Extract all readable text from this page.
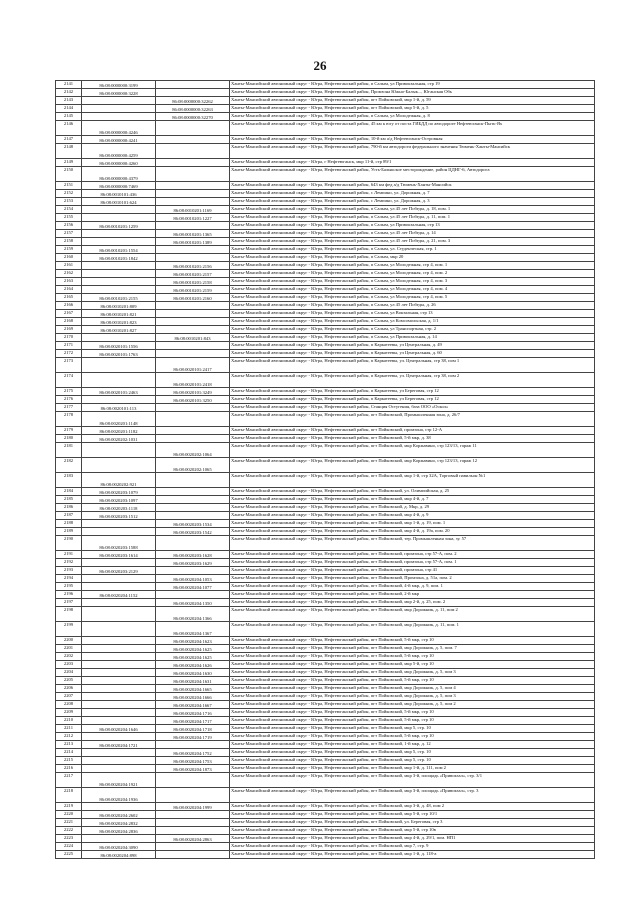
26
2141	86:08:0000000:3199		Ханты-Мансийский автономный округ - Югра, Нефтеюганский район, п Салым, ул Привокзальная, стр 19
2142	86:08:0000000:3228		Ханты-Мансийский автономный округ - Югра, Нефтеюганский район, Промзона Южно-Балык..., Юганская Обь
2143		86:08:0000000:32262	Ханты-Мансийский автономный округ - Югра, Нефтеюганский район, пгт Пойковский, мкр 1-й, д. 59
2144		86:08:0000000:32263	Ханты-Мансийский автономный округ - Югра, Нефтеюганский район, пгт Пойковский, мкр 5-й, д. 5
2145		86:08:0000000:32270	Ханты-Мансийский автономный округ - Югра, Нефтеюганский район, п Салым, ул Молодежная, д. 8
2146	86:08:0000000:4246		Ханты-Мансийский автономный округ - Югра, Нефтеюганский район, 45 км к югу от поста ГИБДД по автодороге Нефтеюганск-Пыть-Ях
2147	86:08:0000000:4241		Ханты-Мансийский автономный округ - Югра, Нефтеюганский район, 10-й км а/д Нефтеюганск-Островная
2148	86:08:0000000:4259		Ханты-Мансийский автономный округ - Югра, Нефтеюганский район, 790-й км автодороги федерального значения Тюмень-Ханты-Мансийск
2149	86:08:0000000:4260		Ханты-Мансийский автономный округ - Югра, г Нефтеюганск, мкр 11-й, стр 89/1
2150	86:08:0000000:4379		Ханты-Мансийский автономный округ - Югра, Нефтеюганский район, Усть-Балыкское месторождение, район ЦДНГ-6, Автодорога
2151	86:08:0000000:7469		Ханты-Мансийский автономный округ - Югра, Нефтеюганский район, 643 км фед а/д Тюмень-Ханты-Мансийск
2152	86:08:0010101:436		Ханты-Мансийский автономный округ - Югра, Нефтеюганский район, с Лемпино, ул. Дорожная, д. 7
2153	86:08:0010101:624		Ханты-Мансийский автономный округ - Югра, Нефтеюганский район, с Лемпино, ул. Дорожная, д. 3
2154		86:08:0010201:1169	Ханты-Мансийский автономный округ - Югра, Нефтеюганский район, п Салым, ул 45 лет Победы, д. 18, пом. 1
2155		86:08:0010201:1227	Ханты-Мансийский автономный округ - Югра, Нефтеюганский район, п Салым, ул 45 лет Победы, д. 11, пом. 1
2156	86:08:0010201:1259		Ханты-Мансийский автономный округ - Югра, Нефтеюганский район, п Салым, ул Привокзальная, стр 13
2157		86:08:0010201:1365	Ханты-Мансийский автономный округ - Югра, Нефтеюганский район, п Салым, ул 45 лет Победы, д. 14
2158		86:08:0010201:1389	Ханты-Мансийский автономный округ - Югра, Нефтеюганский район, п Салым, ул 45 лет Победы, д. 21, пом. 3
2159	86:08:0010201:1554		Ханты-Мансийский автономный округ - Югра, Нефтеюганский район, п Салым, ул. Студенческая, стр. 1
2160	86:08:0010201:1842		Ханты-Мансийский автономный округ - Югра, Нефтеюганский район, п Салым, мкр 20
2161		86:08:0010201:2156	Ханты-Мансийский автономный округ - Югра, Нефтеюганский район, п Салым, ул Молодежная, стр 4, пом. 1
2162		86:08:0010201:2157	Ханты-Мансийский автономный округ - Югра, Нефтеюганский район, п Салым, ул Молодежная, стр 4, пом. 2
2163		86:08:0010201:2158	Ханты-Мансийский автономный округ - Югра, Нефтеюганский район, п Салым, ул Молодежная, стр 4, пом. 3
2164		86:08:0010201:2159	Ханты-Мансийский автономный округ - Югра, Нефтеюганский район, п Салым, ул Молодежная, стр 4, пом. 4
2165	86:08:0010201:2155	86:08:0010201:2160	Ханты-Мансийский автономный округ - Югра, Нефтеюганский район, п Салым, ул Молодежная, стр 4, пом. 5
2166	86:08:0010201:809		Ханты-Мансийский автономный округ - Югра, Нефтеюганский район, п Салым, ул 45 лет Победы, д. 26
2167	86:08:0010201:821		Ханты-Мансийский автономный округ - Югра, Нефтеюганский район, п Салым, ул Вокзальная, стр 13
2168	86:08:0010201:823		Ханты-Мансийский автономный округ - Югра, Нефтеюганский район, п Салым, ул Комсомольская, д. 1/1
2169	86:08:0010201:827		Ханты-Мансийский автономный округ - Югра, Нефтеюганский район, п Салым, ул Транспортная, стр. 2
2170		86:08:0010201:843	Ханты-Мансийский автономный округ - Югра, Нефтеюганский район, п Салым, ул Привокзальная, д. 14
2171	86:08:0020101:1556		Ханты-Мансийский автономный округ - Югра, Нефтеюганский район, п Каркатеевы, ул Центральная, д. 49
2172	86:08:0020101:1763		Ханты-Мансийский автономный округ - Югра, Нефтеюганский район, п Каркатеевы, ул Центральная, д. 60
2173		86:08:0020101:2417	Ханты-Мансийский автономный округ - Югра, Нефтеюганский район, п Каркатеевы, ул. Центральная, стр 38, пом 1
2174		86:08:0020101:2418	Ханты-Мансийский автономный округ - Югра, Нефтеюганский район, п Каркатеевы, ул. Центральная, стр 38, пом 2
2175	86:08:0020101:2463	86:08:0020101:3249	Ханты-Мансийский автономный округ - Югра, Нефтеюганский район, п Каркатеевы, ул Береговая, стр 12
2176		86:08:0020101:3250	Ханты-Мансийский автономный округ - Югра, Нефтеюганский район, п Каркатеевы, ул Береговая, стр 12
2177	86:08:0020101:113		Ханты-Мансийский автономный округ - Югра, Нефтеюганский район, Станция Остугения, база ООО «Оскол»
2178	86:08:0020201:1148		Ханты-Мансийский автономный округ - Югра, Нефтеюганский район, пгт Пойковский, Промышленная зона, д. 26/7
2179	86:08:0020201:1182		Ханты-Мансийский автономный округ - Югра, Нефтеюганский район, пгт Пойковский, промзона, стр 12-А
2180	86:08:0020202:1031		Ханты-Мансийский автономный округ - Югра, Нефтеюганский район, пгт Пойковский, 5-й мкр, д. 38
2181		86:08:0020202:1064	Ханты-Мансийский автономный округ - Югра, Нефтеюганский район, пгт Пойковский, мкр Коржавино, стр 123/13, гараж 11
2182		86:08:0020202:1065	Ханты-Мансийский автономный округ - Югра, Нефтеюганский район, пгт Пойковский, мкр Коржавино, стр 123/13, гараж 12
2183	86:08:0020202:921		Ханты-Мансийский автономный округ - Югра, Нефтеюганский район, пгт Пойковский, мкр 1-й, стр 32А, Торговый павильон №1
2184	86:08:0020203:1079		Ханты-Мансийский автономный округ - Югра, Нефтеюганский район, пгт Пойковский, ул. Олимпийская, д. 25
2185	86:08:0020203:1097		Ханты-Мансийский автономный округ - Югра, Нефтеюганский район, пгт Пойковский, мкр 4-й, д. 7
2186	86:08:0020203:1118		Ханты-Мансийский автономный округ - Югра, Нефтеюганский район, пгт Пойковский, д. Мкр, д. 29
2187	86:08:0020203:1512		Ханты-Мансийский автономный округ - Югра, Нефтеюганский район, пгт Пойковский, мкр 4-й, д. 9
2188		86:08:0020203:1534	Ханты-Мансийский автономный округ - Югра, Нефтеюганский район, пгт Пойковский, мкр 1-й, д. 19, пом. 1
2189		86:08:0020203:1542	Ханты-Мансийский автономный округ - Югра, Нефтеюганский район, пгт Пойковский, мкр 4-й, д. 19а, пом. 20
2190	86:08:0020203:1588		Ханты-Мансийский автономный округ - Югра, Нефтеюганский район, пгт Пойковский, тер. Промышленная зона, зу. 57
2191	86:08:0020203:1614	86:08:0020203:1628	Ханты-Мансийский автономный округ - Югра, Нефтеюганский район, пгт Пойковский, промзона, стр 57-А, пом. 2
2192		86:08:0020203:1629	Ханты-Мансийский автономный округ - Югра, Нефтеюганский район, пгт Пойковский, промзона, стр 57-А, пом. 1
2193	86:08:0020203:2129		Ханты-Мансийский автономный округ - Югра, Нефтеюганский район, пгт Пойковский, промзона, стр 41
2194		86:08:0020204:1053	Ханты-Мансийский автономный округ - Югра, Нефтеюганский район, пгт Пойковский, Промзона, д. 51а, пом. 2
2195		86:08:0020204:1077	Ханты-Мансийский автономный округ - Югра, Нефтеюганский район, пгт Пойковский, 4-й мкр, д. 9, пом. 1
2196	86:08:0020204:1152		Ханты-Мансийский автономный округ - Югра, Нефтеюганский район, пгт Пойковский, 2-й мкр
2197		86:08:0020204:1350	Ханты-Мансийский автономный округ - Югра, Нефтеюганский район, пгт Пойковский, мкр 2-й, д. 25, пом. 2
2198		86:08:0020204:1366	Ханты-Мансийский автономный округ - Югра, Нефтеюганский район, пгт Пойковский, мкр Дорожник, д. 11, пом 2
2199		86:08:0020204:1367	Ханты-Мансийский автономный округ - Югра, Нефтеюганский район, пгт Пойковский, мкр Дорожник, д. 11, пом. 1
2200		86:08:0020204:1623	Ханты-Мансийский автономный округ - Югра, Нефтеюганский район, пгт Пойковский, 5-й мкр, стр 10
2201		86:08:0020204:1625	Ханты-Мансийский автономный округ - Югра, Нефтеюганский район, пгт Пойковский, мкр Дорожник, д. 5, пом. 7
2202		86:08:0020204:1625	Ханты-Мансийский автономный округ - Югра, Нефтеюганский район, пгт Пойковский, 5-й мкр, стр 10
2203		86:08:0020204:1626	Ханты-Мансийский автономный округ - Югра, Нефтеюганский район, пгт Пойковский, мкр 5-й, стр 10
2204		86:08:0020204:1630	Ханты-Мансийский автономный округ - Югра, Нефтеюганский район, пгт Пойковский, мкр Дорожник, д. 5, пом 3
2205		86:08:0020204:1631	Ханты-Мансийский автономный округ - Югра, Нефтеюганский район, пгт Пойковский, 5-й мкр, стр 10
2206		86:08:0020204:1665	Ханты-Мансийский автономный округ - Югра, Нефтеюганский район, пгт Пойковский, мкр Дорожник, д. 5, пом 4
2207		86:08:0020204:1666	Ханты-Мансийский автономный округ - Югра, Нефтеюганский район, пгт Пойковский, мкр Дорожник, д. 5, пом 3
2208		86:08:0020204:1667	Ханты-Мансийский автономный округ - Югра, Нефтеюганский район, пгт Пойковский, мкр Дорожник, д. 5, пом 2
2209		86:08:0020204:1716	Ханты-Мансийский автономный округ - Югра, Нефтеюганский район, пгт Пойковский, 5-й мкр, стр 10
2210		86:08:0020204:1717	Ханты-Мансийский автономный округ - Югра, Нефтеюганский район, пгт Пойковский, 5-й мкр, стр 10
2211	86:08:0020204:1646	86:08:0020204:1718	Ханты-Мансийский автономный округ - Югра, Нефтеюганский район, пгт Пойковский, мкр 5, стр. 10
2212		86:08:0020204:1719	Ханты-Мансийский автономный округ - Югра, Нефтеюганский район, пгт Пойковский, 5-й мкр, стр 10
2213	86:08:0020204:1721		Ханты-Мансийский автономный округ - Югра, Нефтеюганский район, пгт Пойковский, 1-й мкр, д. 12
2214		86:08:0020204:1752	Ханты-Мансийский автономный округ - Югра, Нефтеюганский район, пгт Пойковский, мкр 5, стр. 10
2215		86:08:0020204:1753	Ханты-Мансийский автономный округ - Югра, Нефтеюганский район, пгт Пойковский, мкр 5, стр. 10
2216		86:08:0020204:1873	Ханты-Мансийский автономный округ - Югра, Нефтеюганский район, пгт Пойковский, мкр 1-й, д. 111, пом 2
2217	86:08:0020204:1921		Ханты-Мансийский автономный округ - Югра, Нефтеюганский район, пгт Пойковский, мкр 3-й, площадь «Привокзал», стр. 3/1
2218	86:08:0020204:1936		Ханты-Мансийский автономный округ - Югра, Нефтеюганский район, пгт Пойковский, мкр 3-й, площадь «Привокзал», стр. 3
2219		86:08:0020204:1999	Ханты-Мансийский автономный округ - Югра, Нефтеюганский район, пгт Пойковский, мкр 3-й, д. 48, пом 2
2220	86:08:0020204:2602		Ханты-Мансийский автономный округ - Югра, Нефтеюганский район, пгт Пойковский, мкр 5-й, стр 10/1
2221	86:08:0020204:2832		Ханты-Мансийский автономный округ - Югра, Нефтеюганский район, пгт Пойковский, ул. Береговая, стр 3
2222	86:08:0020204:2836		Ханты-Мансийский автономный округ - Югра, Нефтеюганский район, пгт Пойковский, мкр 5-й, стр 10в
2223		86:08:0020204:2863	Ханты-Мансийский автономный округ - Югра, Нефтеюганский район, пгт Пойковский, мкр 4-й, д. 29/1, пом. НП1
2224	86:08:0020204:3090		Ханты-Мансийский автономный округ - Югра, Нефтеюганский район, пгт Пойковский, мкр 7, стр. 9
2225	86:08:0020204:898		Ханты-Мансийский автономный округ - Югра, Нефтеюганский район, пгт Пойковский, мкр 1-й, д. 118-а
